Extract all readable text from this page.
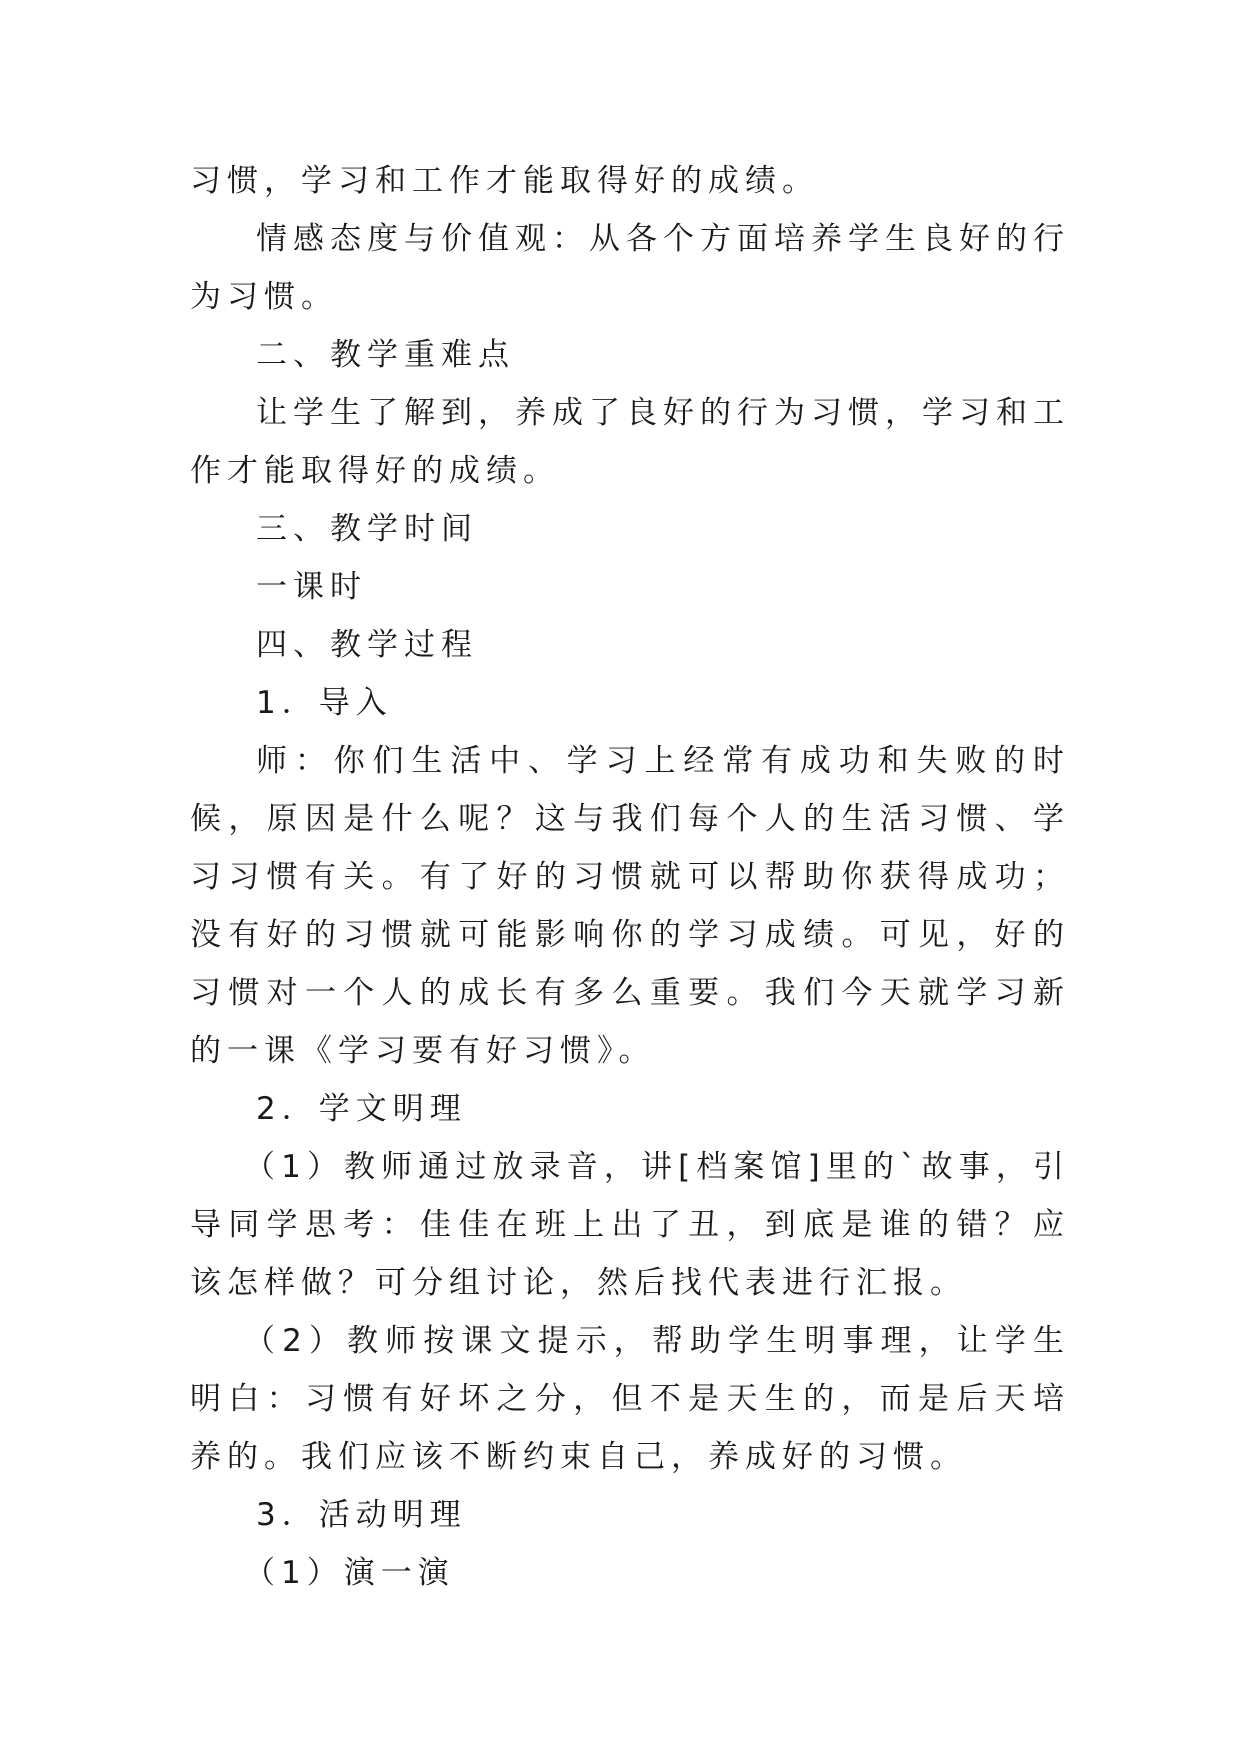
习惯，学习和工作才能取得好的成绩。

情感态度与价值观：从各个方面培养学生良好的行为习惯。

二、教学重难点

让学生了解到，养成了良好的行为习惯，学习和工作才能取得好的成绩。

三、教学时间

一课时

四、教学过程

1．导入

师：你们生活中、学习上经常有成功和失败的时候，原因是什么呢？这与我们每个人的生活习惯、学习习惯有关。有了好的习惯就可以帮助你获得成功；没有好的习惯就可能影响你的学习成绩。可见，好的习惯对一个人的成长有多么重要。我们今天就学习新的一课《学习要有好习惯》。

2．学文明理

（1）教师通过放录音，讲[档案馆]里的`故事，引导同学思考：佳佳在班上出了丑，到底是谁的错？应该怎样做？可分组讨论，然后找代表进行汇报。

（2）教师按课文提示，帮助学生明事理，让学生明白：习惯有好坏之分，但不是天生的，而是后天培养的。我们应该不断约束自己，养成好的习惯。

3．活动明理

（1）演一演
